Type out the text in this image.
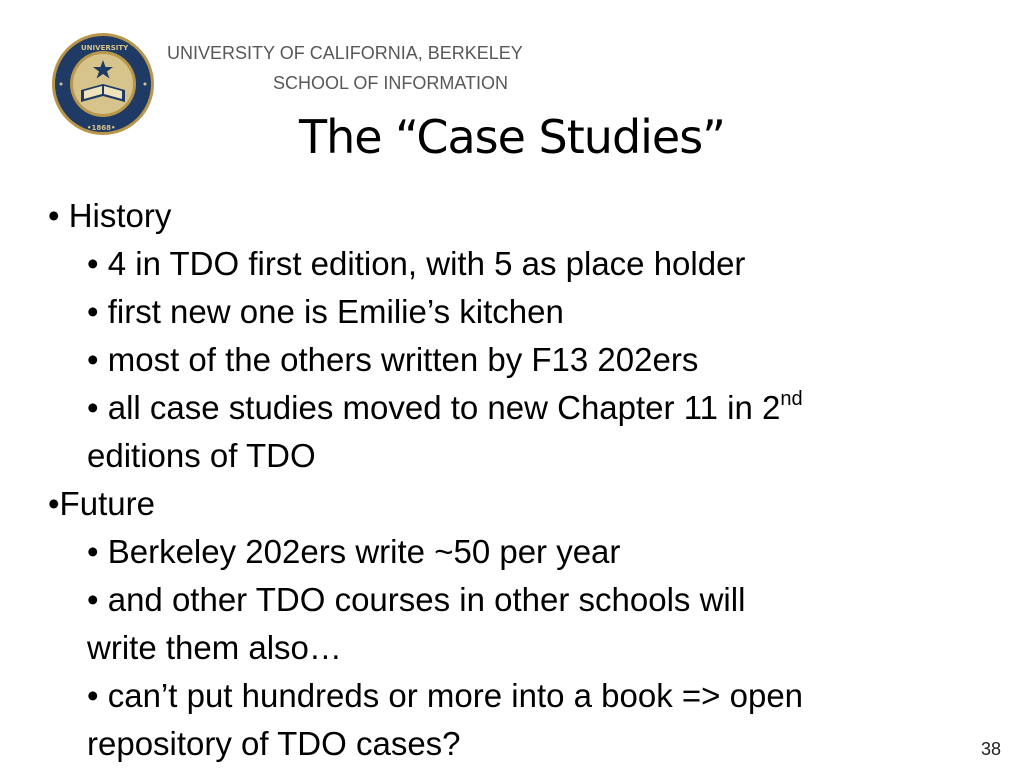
UNIVERSITY
•1868•
UNIVERSITY OF CALIFORNIA, BERKELEY
SCHOOL OF INFORMATION
The “Case Studies”
• History
• 4 in TDO first edition, with 5 as place holder
• first new one is Emilie’s kitchen
• most of the others written by F13 202ers
• all case studies moved to new Chapter 11 in 2nd
editions of TDO
•Future
• Berkeley 202ers write ~50 per year
• and other TDO courses in other schools will
write them also…
• can’t put hundreds or more into a book => open
repository of TDO cases?	38
